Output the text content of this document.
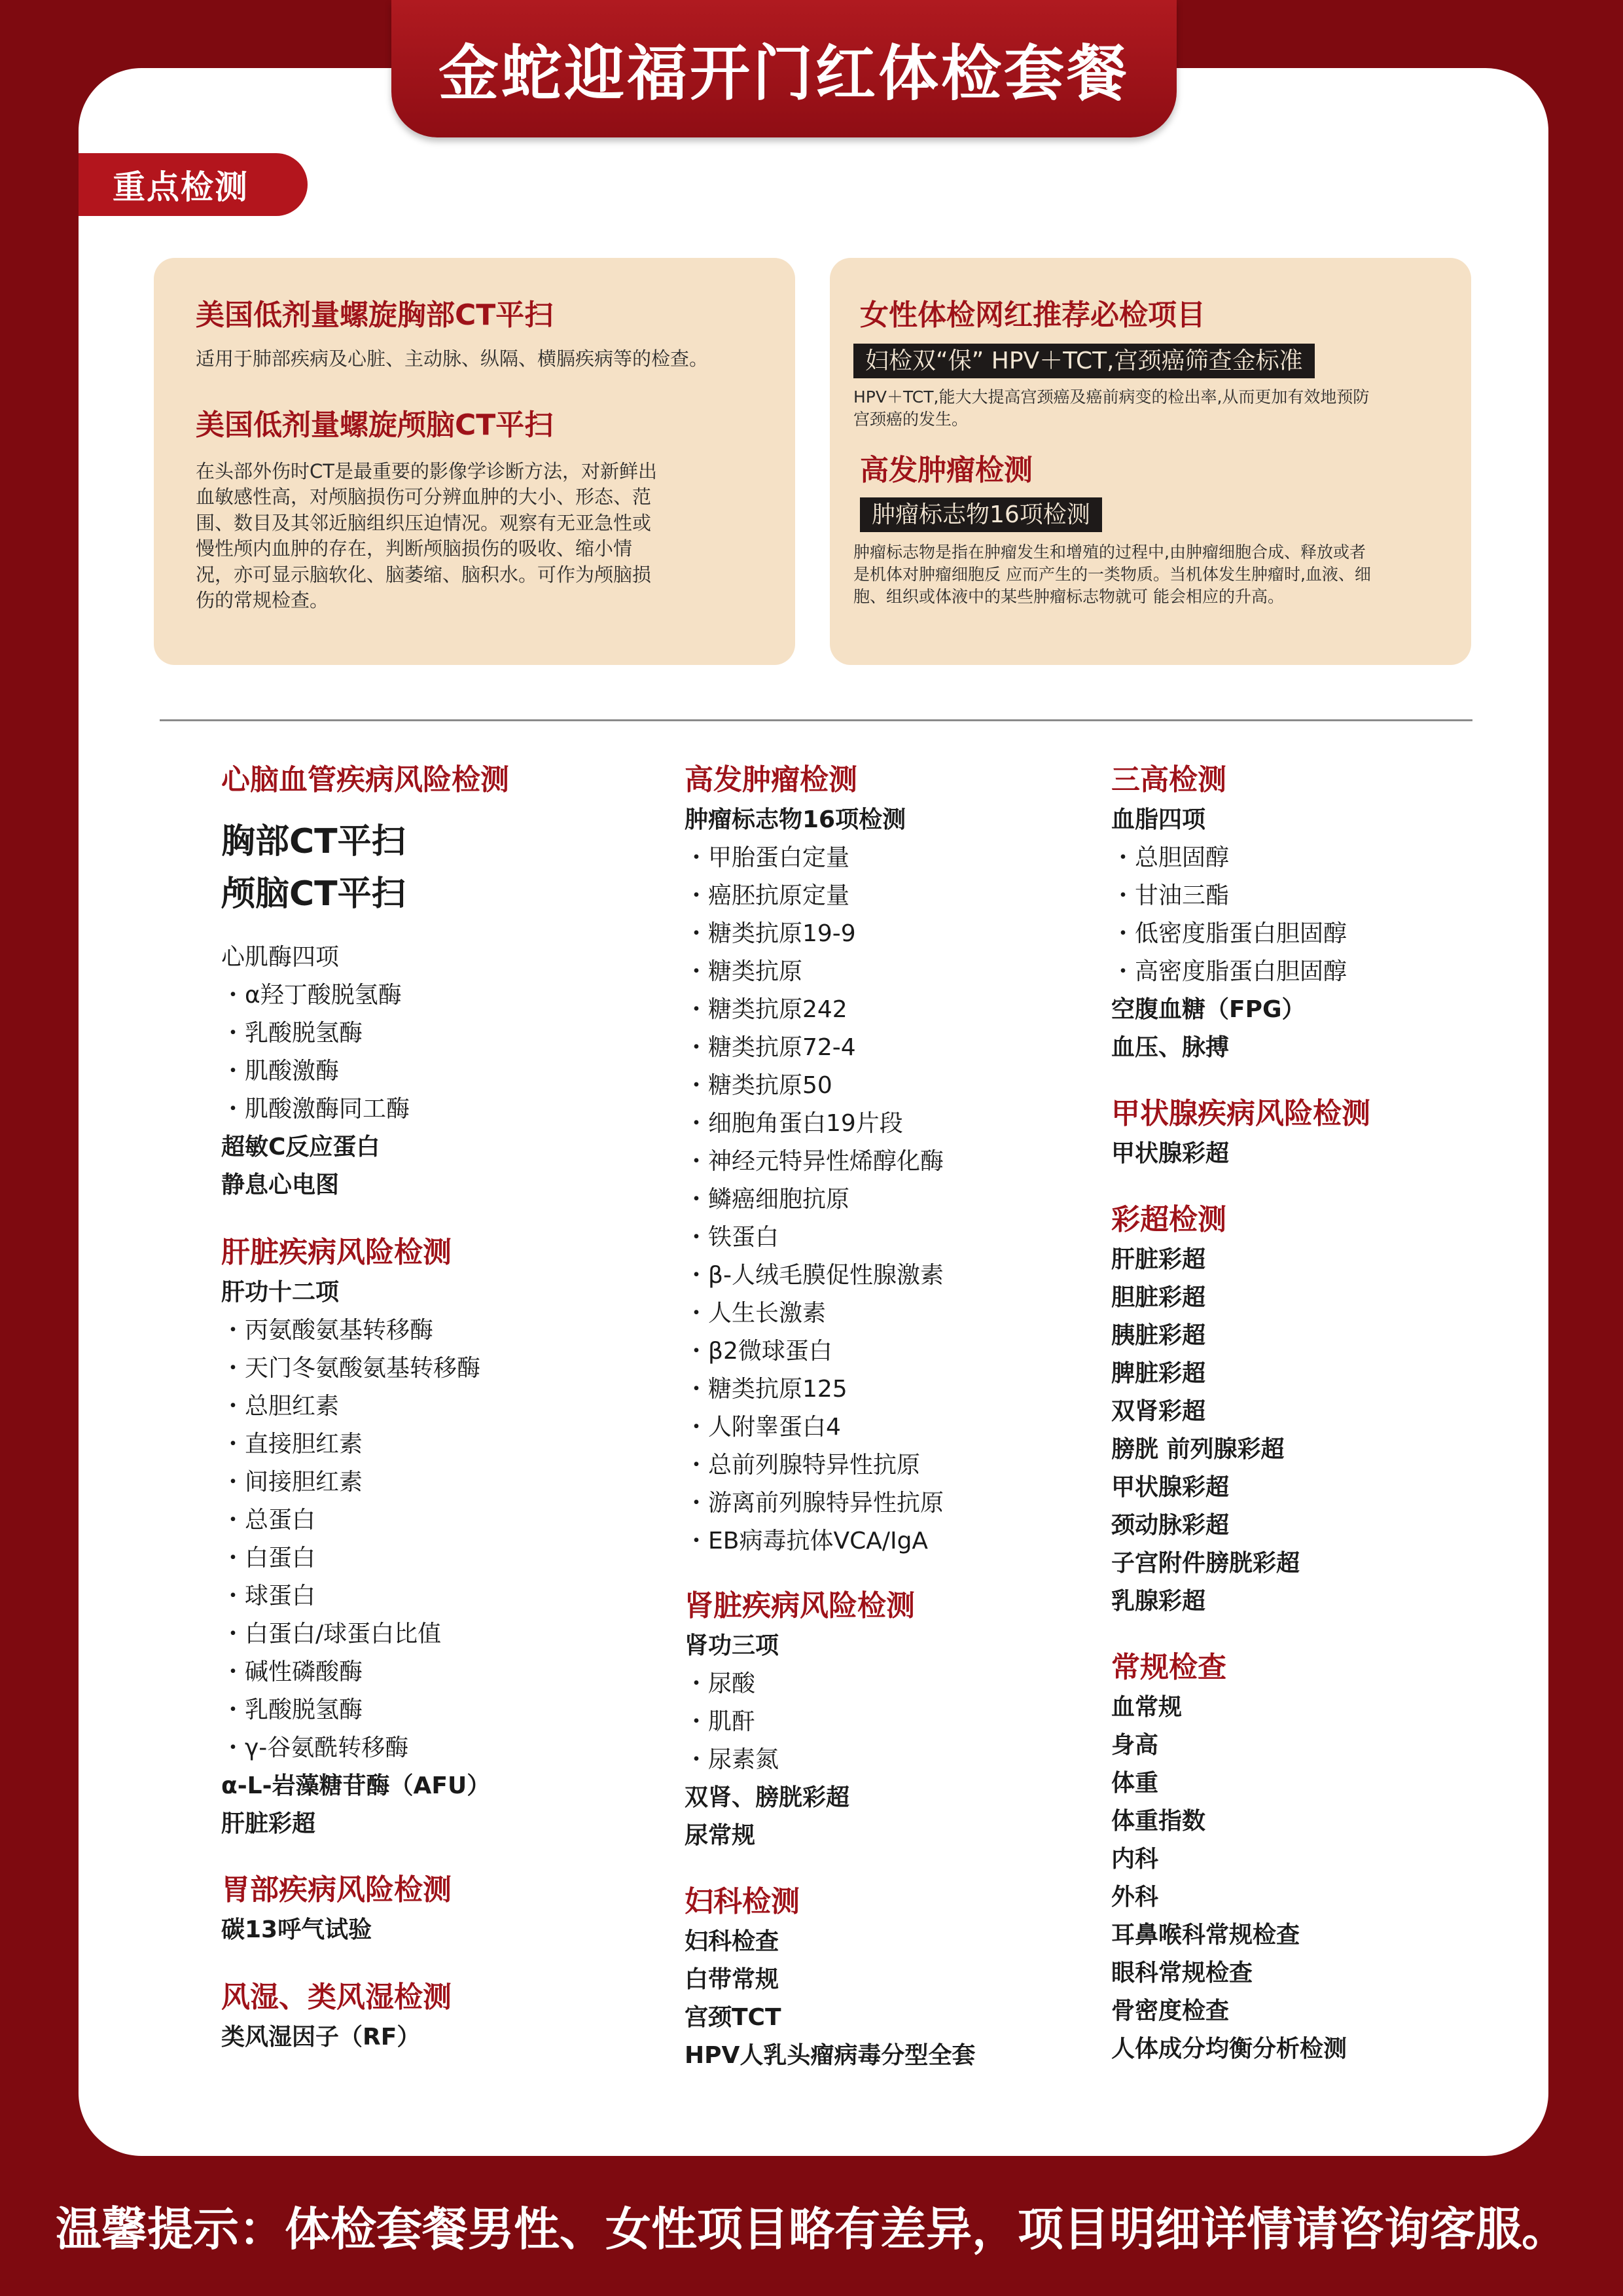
金蛇迎福开门红体检套餐
重点检测

美国低剂量螺旋胸部CT平扫

适用于肺部疾病及心脏、主动脉、纵隔、横膈疾病等的检查。

美国低剂量螺旋颅脑CT平扫

在头部外伤时CT是最重要的影像学诊断方法，对新鲜出

血敏感性高，对颅脑损伤可分辨血肿的大小、形态、范

围、数目及其邻近脑组织压迫情况。观察有无亚急性或

慢性颅内血肿的存在，判断颅脑损伤的吸收、缩小情

况，亦可显示脑软化、脑萎缩、脑积水。可作为颅脑损

伤的常规检查。

女性体检网红推荐必检项目

妇检双“保” HPV＋TCT,宫颈癌筛查金标准

HPV＋TCT,能大大提高宫颈癌及癌前病变的检出率,从而更加有效地预防

宫颈癌的发生。

高发肿瘤检测

肿瘤标志物16项检测

肿瘤标志物是指在肿瘤发生和增殖的过程中,由肿瘤细胞合成、释放或者

是机体对肿瘤细胞反 应而产生的一类物质。当机体发生肿瘤时,血液、细

胞、组织或体液中的某些肿瘤标志物就可 能会相应的升高。

心脑血管疾病风险检测

胸部CT平扫

颅脑CT平扫

心肌酶四项

・α羟丁酸脱氢酶

・乳酸脱氢酶

・肌酸激酶

・肌酸激酶同工酶

超敏C反应蛋白

静息心电图

肝脏疾病风险检测

肝功十二项

・丙氨酸氨基转移酶

・天门冬氨酸氨基转移酶

・总胆红素

・直接胆红素

・间接胆红素

・总蛋白

・白蛋白

・球蛋白

・白蛋白/球蛋白比值

・碱性磷酸酶

・乳酸脱氢酶

・γ-谷氨酰转移酶

α-L-岩藻糖苷酶（AFU）

肝脏彩超

胃部疾病风险检测

碳13呼气试验

风湿、类风湿检测

类风湿因子（RF）

高发肿瘤检测

肿瘤标志物16项检测

・甲胎蛋白定量

・癌胚抗原定量

・糖类抗原19-9

・糖类抗原

・糖类抗原242

・糖类抗原72-4

・糖类抗原50

・细胞角蛋白19片段

・神经元特异性烯醇化酶

・鳞癌细胞抗原

・铁蛋白

・β-人绒毛膜促性腺激素

・人生长激素

・β2微球蛋白

・糖类抗原125

・人附睾蛋白4

・总前列腺特异性抗原

・游离前列腺特异性抗原

・EB病毒抗体VCA/IgA

肾脏疾病风险检测

肾功三项

・尿酸

・肌酐

・尿素氮

双肾、膀胱彩超

尿常规

妇科检测

妇科检查

白带常规

宫颈TCT

HPV人乳头瘤病毒分型全套

三高检测

血脂四项

・总胆固醇

・甘油三酯

・低密度脂蛋白胆固醇

・高密度脂蛋白胆固醇

空腹血糖（FPG）

血压、脉搏

甲状腺疾病风险检测

甲状腺彩超

彩超检测

肝脏彩超

胆脏彩超

胰脏彩超

脾脏彩超

双肾彩超

膀胱 前列腺彩超

甲状腺彩超

颈动脉彩超

子宫附件膀胱彩超

乳腺彩超

常规检查

血常规

身高

体重

体重指数

内科

外科

耳鼻喉科常规检查

眼科常规检查

骨密度检查

人体成分均衡分析检测

温馨提示：体检套餐男性、女性项目略有差异，项目明细详情请咨询客服。
